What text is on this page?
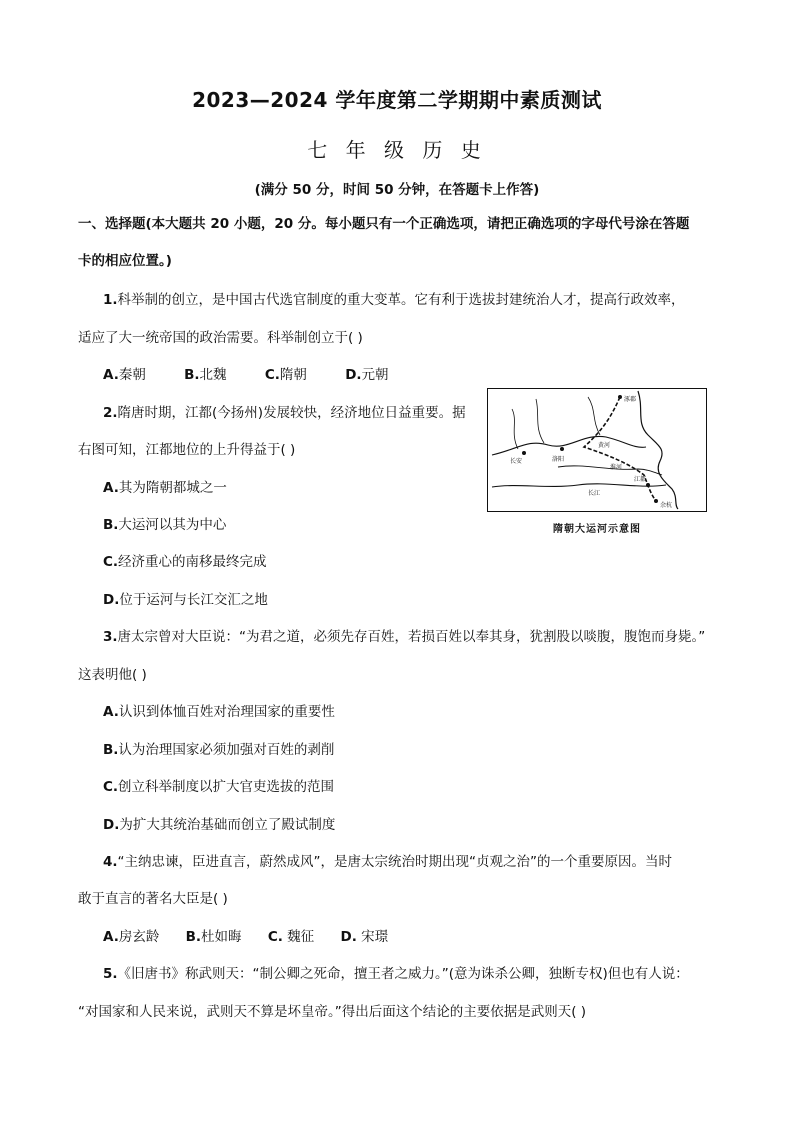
2023—2024 学年度第二学期期中素质测试
七 年 级 历 史
(满分 50 分，时间 50 分钟，在答题卡上作答)
一、选择题(本大题共 20 小题，20 分。每小题只有一个正确选项，请把正确选项的字母代号涂在答题
卡的相应位置。)
1.科举制的创立，是中国古代选官制度的重大变革。它有利于选拔封建统治人才，提高行政效率，
适应了大一统帝国的政治需要。科举制创立于( )
A.秦朝	B.北魏	C.隋朝	D.元朝
2.隋唐时期，江都(今扬州)发展较快，经济地位日益重要。据
右图可知，江都地位的上升得益于( )
A.其为隋朝都城之一
B.大运河以其为中心
C.经济重心的南移最终完成
D.位于运河与长江交汇之地
涿郡
洛阳
长安
余杭
江都
黄河
长江
淮河
隋朝大运河示意图
3.唐太宗曾对大臣说：“为君之道，必须先存百姓，若损百姓以奉其身，犹割股以啖腹，腹饱而身毙。”
这表明他( )
A.认识到体恤百姓对治理国家的重要性
B.认为治理国家必须加强对百姓的剥削
C.创立科举制度以扩大官吏选拔的范围
D.为扩大其统治基础而创立了殿试制度
4.“主纳忠谏，臣进直言，蔚然成风”，是唐太宗统治时期出现“贞观之治”的一个重要原因。当时
敢于直言的著名大臣是( )
A.房玄龄 B.杜如晦 C. 魏征 D. 宋璟
5.《旧唐书》称武则天：“制公卿之死命，擅王者之威力。”(意为诛杀公卿，独断专权)但也有人说：
“对国家和人民来说，武则天不算是坏皇帝。”得出后面这个结论的主要依据是武则天( )
